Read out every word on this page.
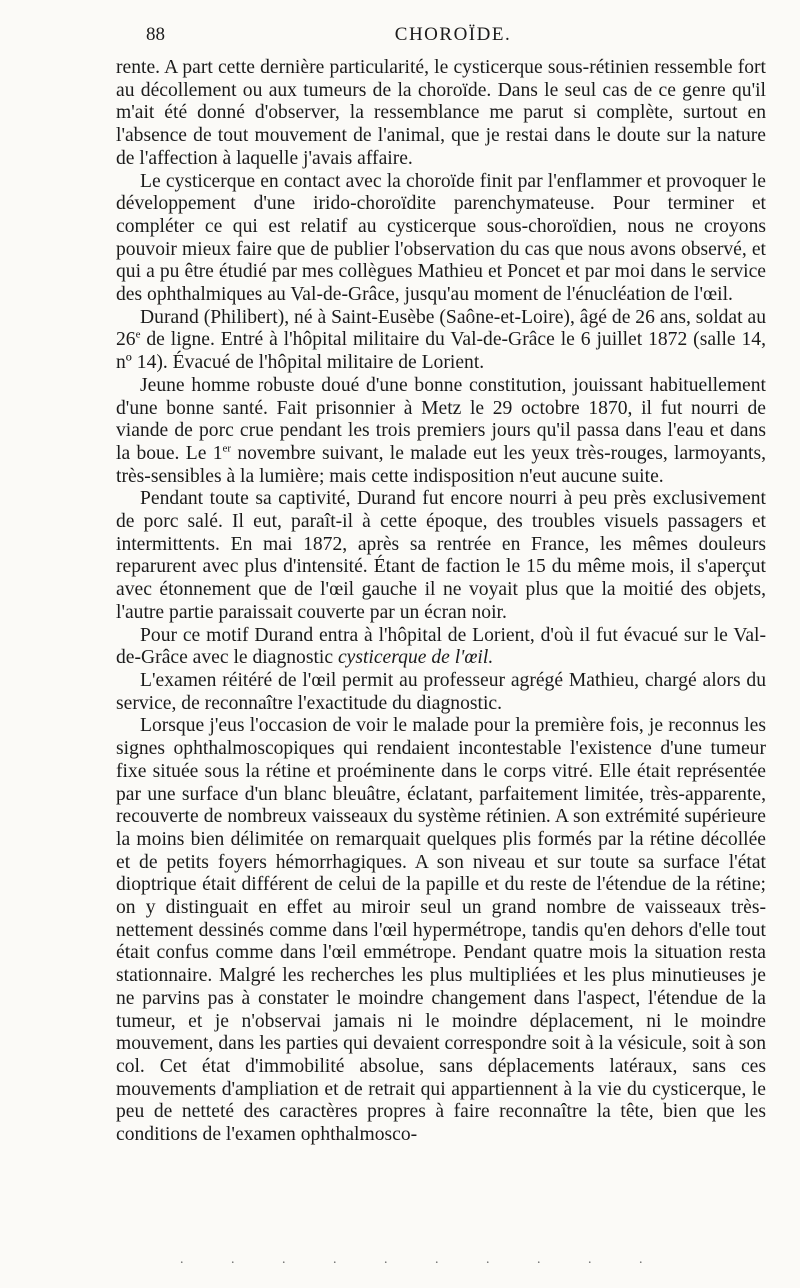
88	CHOROÏDE.

rente. A part cette dernière particularité, le cysticerque sous-rétinien ressemble fort au décollement ou aux tumeurs de la choroïde. Dans le seul cas de ce genre qu'il m'ait été donné d'observer, la ressemblance me parut si complète, surtout en l'absence de tout mouvement de l'animal, que je restai dans le doute sur la nature de l'affection à laquelle j'avais affaire.

Le cysticerque en contact avec la choroïde finit par l'enflammer et provoquer le développement d'une irido-choroïdite parenchymateuse. Pour terminer et compléter ce qui est relatif au cysticerque sous-choroïdien, nous ne croyons pouvoir mieux faire que de publier l'observation du cas que nous avons observé, et qui a pu être étudié par mes collègues Mathieu et Poncet et par moi dans le service des ophthalmiques au Val-de-Grâce, jusqu'au moment de l'énucléation de l'œil.

Durand (Philibert), né à Saint-Eusèbe (Saône-et-Loire), âgé de 26 ans, soldat au 26e de ligne. Entré à l'hôpital militaire du Val-de-Grâce le 6 juillet 1872 (salle 14, nº 14). Évacué de l'hôpital militaire de Lorient.

Jeune homme robuste doué d'une bonne constitution, jouissant habituellement d'une bonne santé. Fait prisonnier à Metz le 29 octobre 1870, il fut nourri de viande de porc crue pendant les trois premiers jours qu'il passa dans l'eau et dans la boue. Le 1er novembre suivant, le malade eut les yeux très-rouges, larmoyants, très-sensibles à la lumière; mais cette indisposition n'eut aucune suite.

Pendant toute sa captivité, Durand fut encore nourri à peu près exclusivement de porc salé. Il eut, paraît-il à cette époque, des troubles visuels passagers et intermittents. En mai 1872, après sa rentrée en France, les mêmes douleurs reparurent avec plus d'intensité. Étant de faction le 15 du même mois, il s'aperçut avec étonnement que de l'œil gauche il ne voyait plus que la moitié des objets, l'autre partie paraissait couverte par un écran noir.

Pour ce motif Durand entra à l'hôpital de Lorient, d'où il fut évacué sur le Val-de-Grâce avec le diagnostic cysticerque de l'œil.

L'examen réitéré de l'œil permit au professeur agrégé Mathieu, chargé alors du service, de reconnaître l'exactitude du diagnostic.

Lorsque j'eus l'occasion de voir le malade pour la première fois, je reconnus les signes ophthalmoscopiques qui rendaient incontestable l'existence d'une tumeur fixe située sous la rétine et proéminente dans le corps vitré. Elle était représentée par une surface d'un blanc bleuâtre, éclatant, parfaitement limitée, très-apparente, recouverte de nombreux vaisseaux du système rétinien. A son extrémité supérieure la moins bien délimitée on remarquait quelques plis formés par la rétine décollée et de petits foyers hémorrhagiques. A son niveau et sur toute sa surface l'état dioptrique était différent de celui de la papille et du reste de l'étendue de la rétine; on y distinguait en effet au miroir seul un grand nombre de vaisseaux très-nettement dessinés comme dans l'œil hypermétrope, tandis qu'en dehors d'elle tout était confus comme dans l'œil emmétrope. Pendant quatre mois la situation resta stationnaire. Malgré les recherches les plus multipliées et les plus minutieuses je ne parvins pas à constater le moindre changement dans l'aspect, l'étendue de la tumeur, et je n'observai jamais ni le moindre déplacement, ni le moindre mouvement, dans les parties qui devaient correspondre soit à la vésicule, soit à son col. Cet état d'immobilité absolue, sans déplacements latéraux, sans ces mouvements d'ampliation et de retrait qui appartiennent à la vie du cysticerque, le peu de netteté des caractères propres à faire reconnaître la tête, bien que les conditions de l'examen ophthalmosco-

. . . . . . . . . .
